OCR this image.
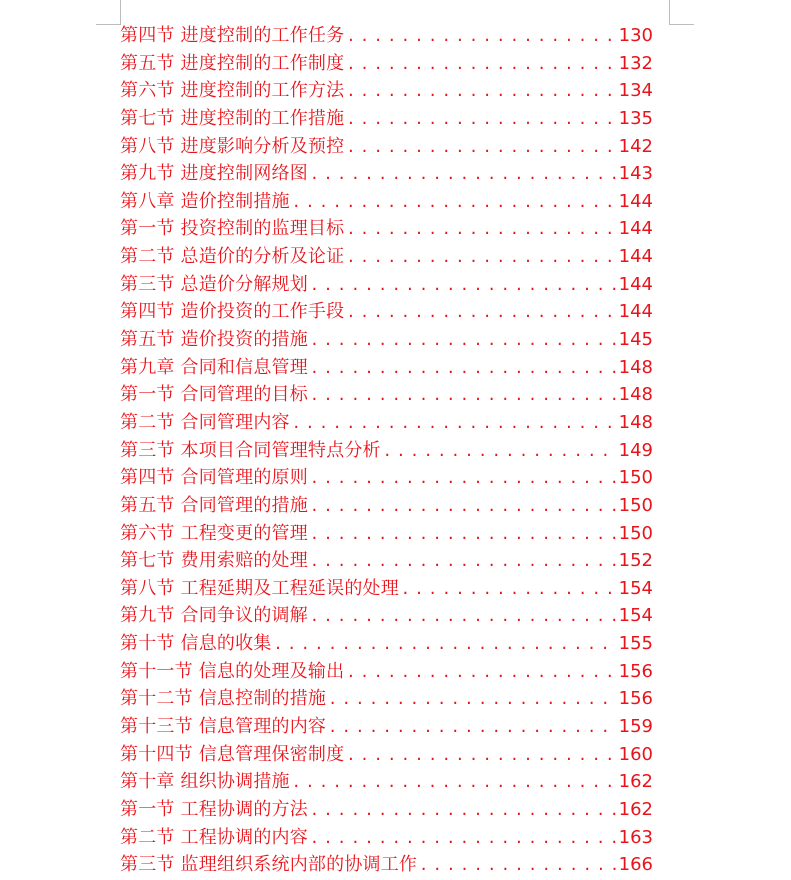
第四节 进度控制的工作任务 .....	130
第五节 进度控制的工作制度 .....	132
第六节 进度控制的工作方法 .....	134
第七节 进度控制的工作措施 .....	135
第八节 进度影响分析及预控 .....	142
第九节 进度控制网络图 .....	143
第八章 造价控制措施 .....	144
第一节 投资控制的监理目标 .....	144
第二节 总造价的分析及论证 .....	144
第三节 总造价分解规划 .....	144
第四节 造价投资的工作手段 .....	144
第五节 造价投资的措施 .....	145
第九章 合同和信息管理 .....	148
第一节 合同管理的目标 .....	148
第二节 合同管理内容 .....	148
第三节 本项目合同管理特点分析 .....	149
第四节 合同管理的原则 .....	150
第五节 合同管理的措施 .....	150
第六节 工程变更的管理 .....	150
第七节 费用索赔的处理 .....	152
第八节 工程延期及工程延误的处理 .....	154
第九节 合同争议的调解 .....	154
第十节 信息的收集 .....	155
第十一节 信息的处理及输出 .....	156
第十二节 信息控制的措施 .....	156
第十三节 信息管理的内容 .....	159
第十四节 信息管理保密制度 .....	160
第十章 组织协调措施 .....	162
第一节 工程协调的方法 .....	162
第二节 工程协调的内容 .....	163
第三节 监理组织系统内部的协调工作 .....	166
